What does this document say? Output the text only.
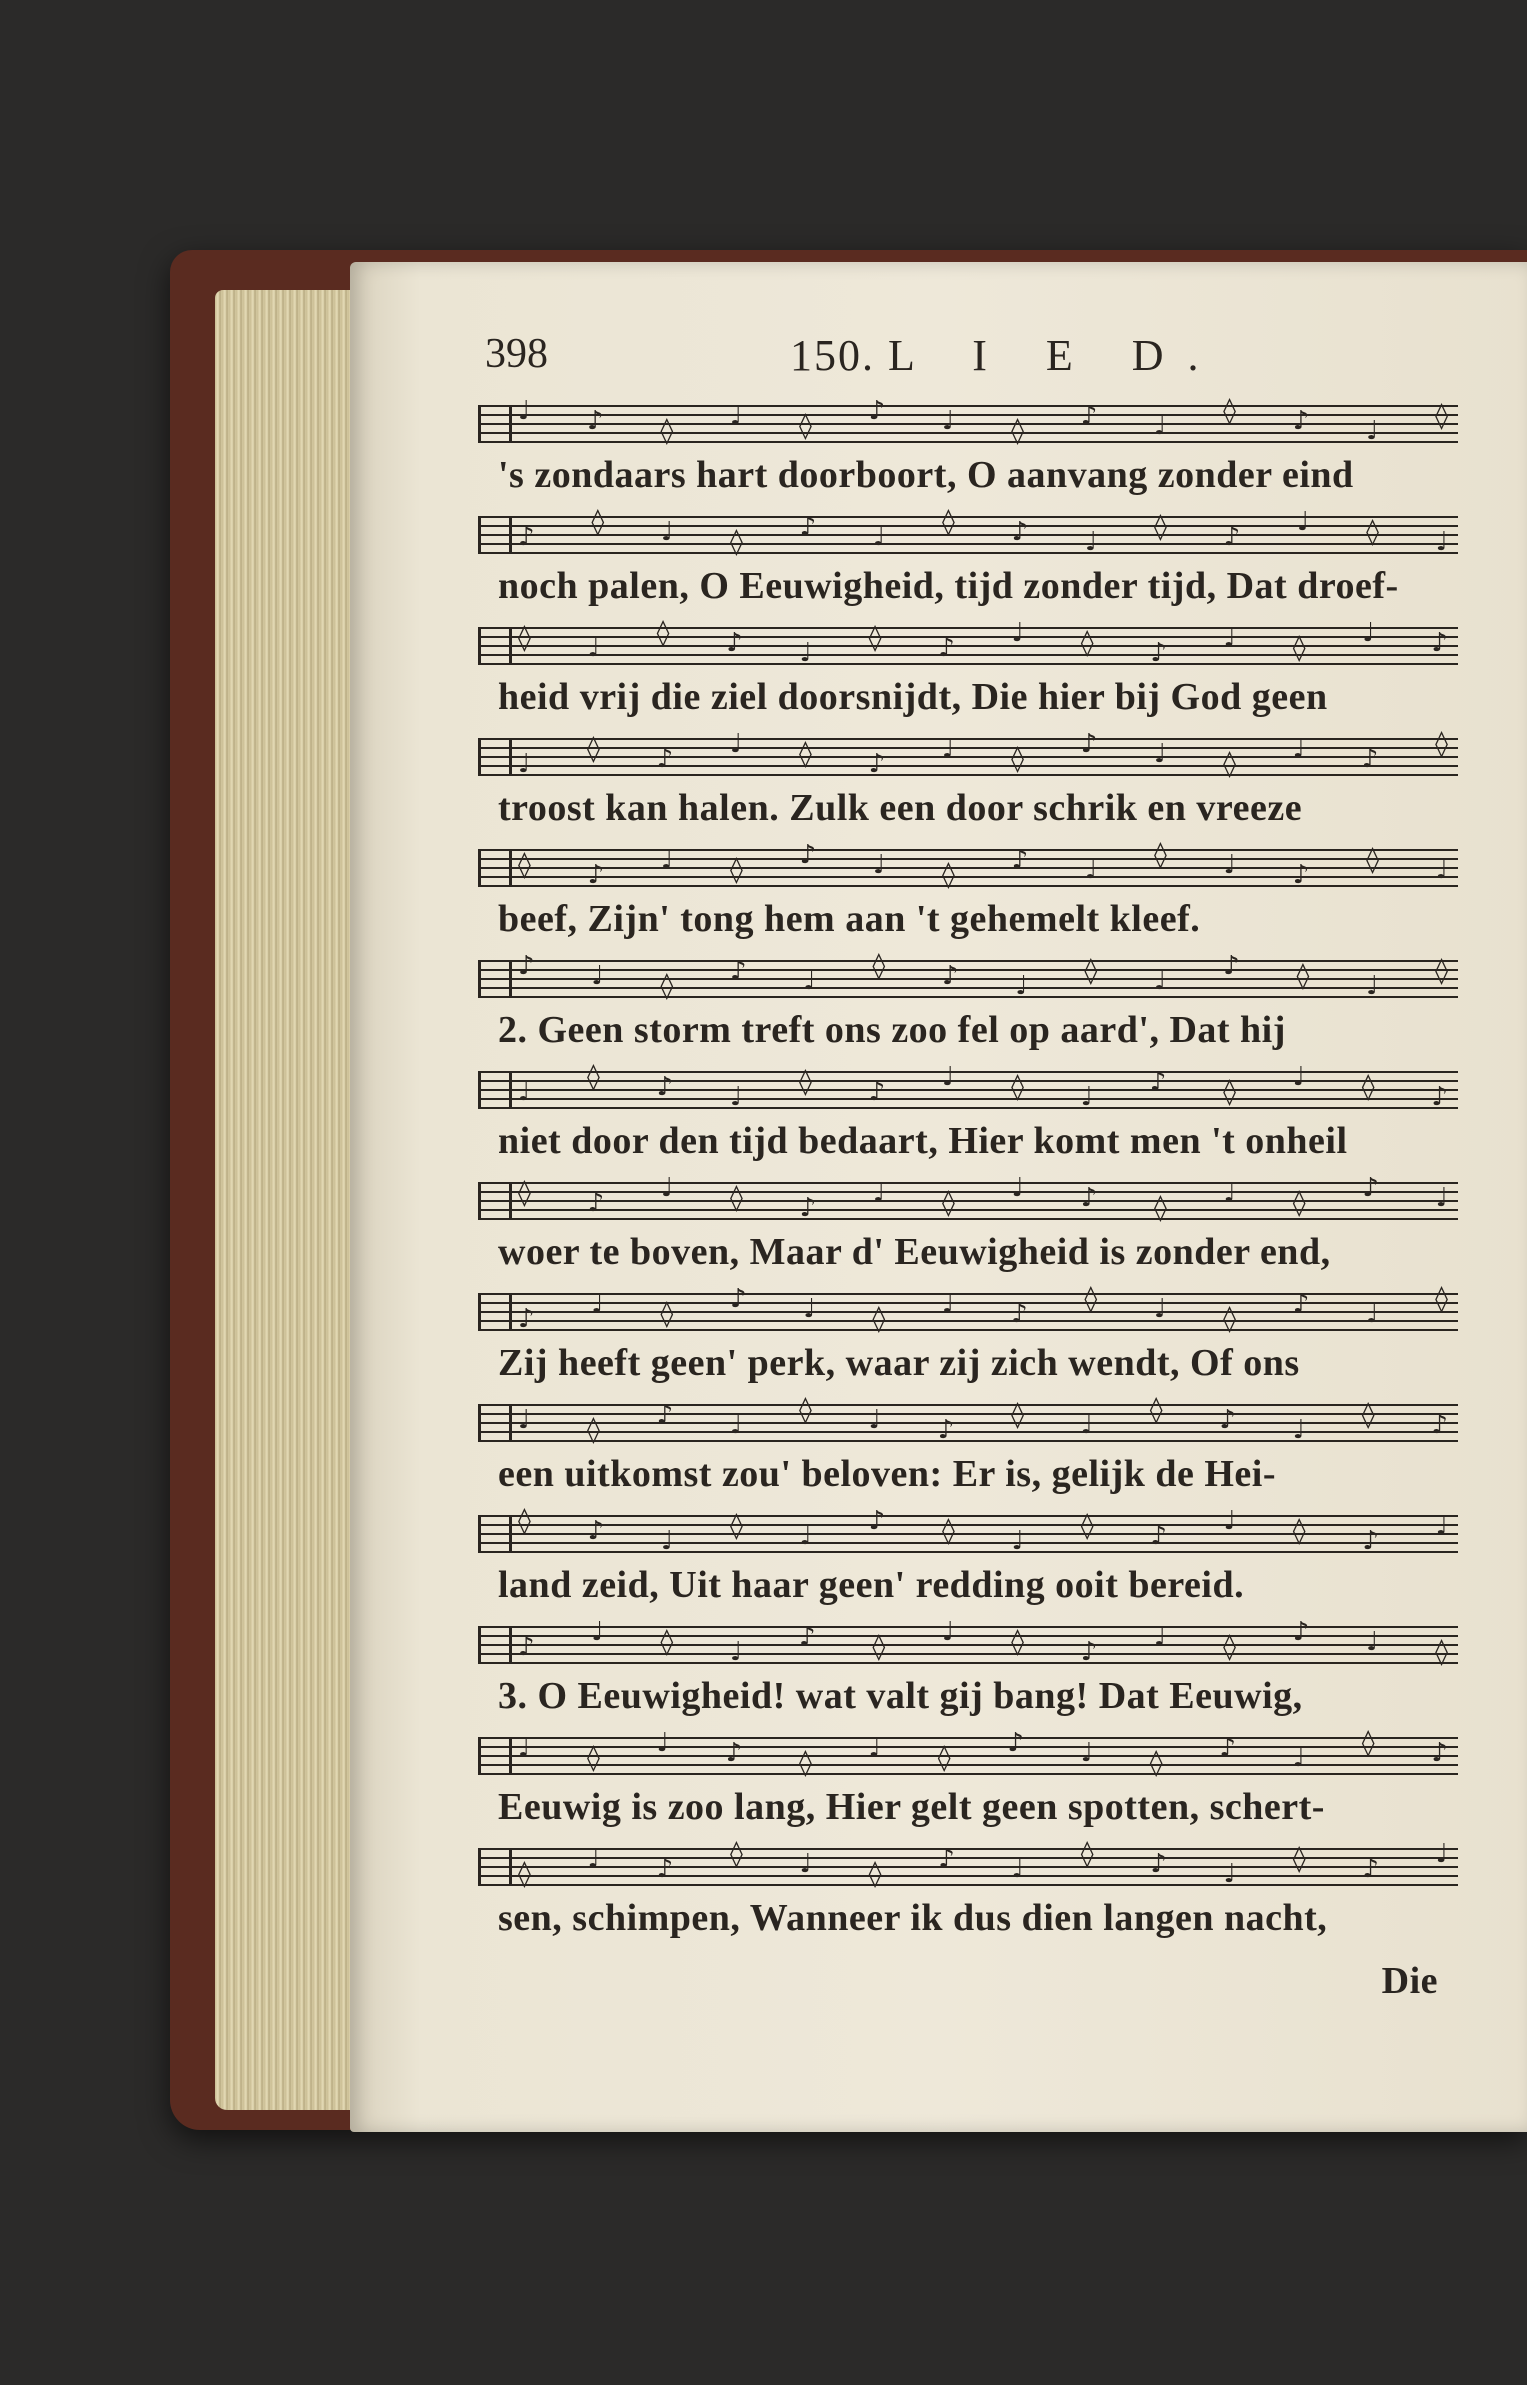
398	150. L I E D.
♩ ♪ ◊ ♩ ◊ ♪ ♩ ◊ ♪ ♩ ◊ ♪ ♩ ◊
's zondaars hart doorboort, O aanvang zonder eind
♪ ◊ ♩ ◊ ♪ ♩ ◊ ♪ ♩ ◊ ♪ ♩ ◊ ♩
noch palen, O Eeuwigheid, tijd zonder tijd, Dat droef-
◊ ♩ ◊ ♪ ♩ ◊ ♪ ♩ ◊ ♪ ♩ ◊ ♩ ♪
heid vrij die ziel doorsnijdt, Die hier bij God geen
♩ ◊ ♪ ♩ ◊ ♪ ♩ ◊ ♪ ♩ ◊ ♩ ♪ ◊
troost kan halen. Zulk een door schrik en vreeze
◊ ♪ ♩ ◊ ♪ ♩ ◊ ♪ ♩ ◊ ♩ ♪ ◊ ♩
beef, Zijn' tong hem aan 't gehemelt kleef.
♪ ♩ ◊ ♪ ♩ ◊ ♪ ♩ ◊ ♩ ♪ ◊ ♩ ◊
2. Geen storm treft ons zoo fel op aard', Dat hij
♩ ◊ ♪ ♩ ◊ ♪ ♩ ◊ ♩ ♪ ◊ ♩ ◊ ♪
niet door den tijd bedaart, Hier komt men 't onheil
◊ ♪ ♩ ◊ ♪ ♩ ◊ ♩ ♪ ◊ ♩ ◊ ♪ ♩
woer te boven, Maar d' Eeuwigheid is zonder end,
♪ ♩ ◊ ♪ ♩ ◊ ♩ ♪ ◊ ♩ ◊ ♪ ♩ ◊
Zij heeft geen' perk, waar zij zich wendt, Of ons
♩ ◊ ♪ ♩ ◊ ♩ ♪ ◊ ♩ ◊ ♪ ♩ ◊ ♪
een uitkomst zou' beloven: Er is, gelijk de Hei-
◊ ♪ ♩ ◊ ♩ ♪ ◊ ♩ ◊ ♪ ♩ ◊ ♪ ♩
land zeid, Uit haar geen' redding ooit bereid.
♪ ♩ ◊ ♩ ♪ ◊ ♩ ◊ ♪ ♩ ◊ ♪ ♩ ◊
3. O Eeuwigheid! wat valt gij bang! Dat Eeuwig,
♩ ◊ ♩ ♪ ◊ ♩ ◊ ♪ ♩ ◊ ♪ ♩ ◊ ♪
Eeuwig is zoo lang, Hier gelt geen spotten, schert-
◊ ♩ ♪ ◊ ♩ ◊ ♪ ♩ ◊ ♪ ♩ ◊ ♪ ♩
sen, schimpen, Wanneer ik dus dien langen nacht,
Die
